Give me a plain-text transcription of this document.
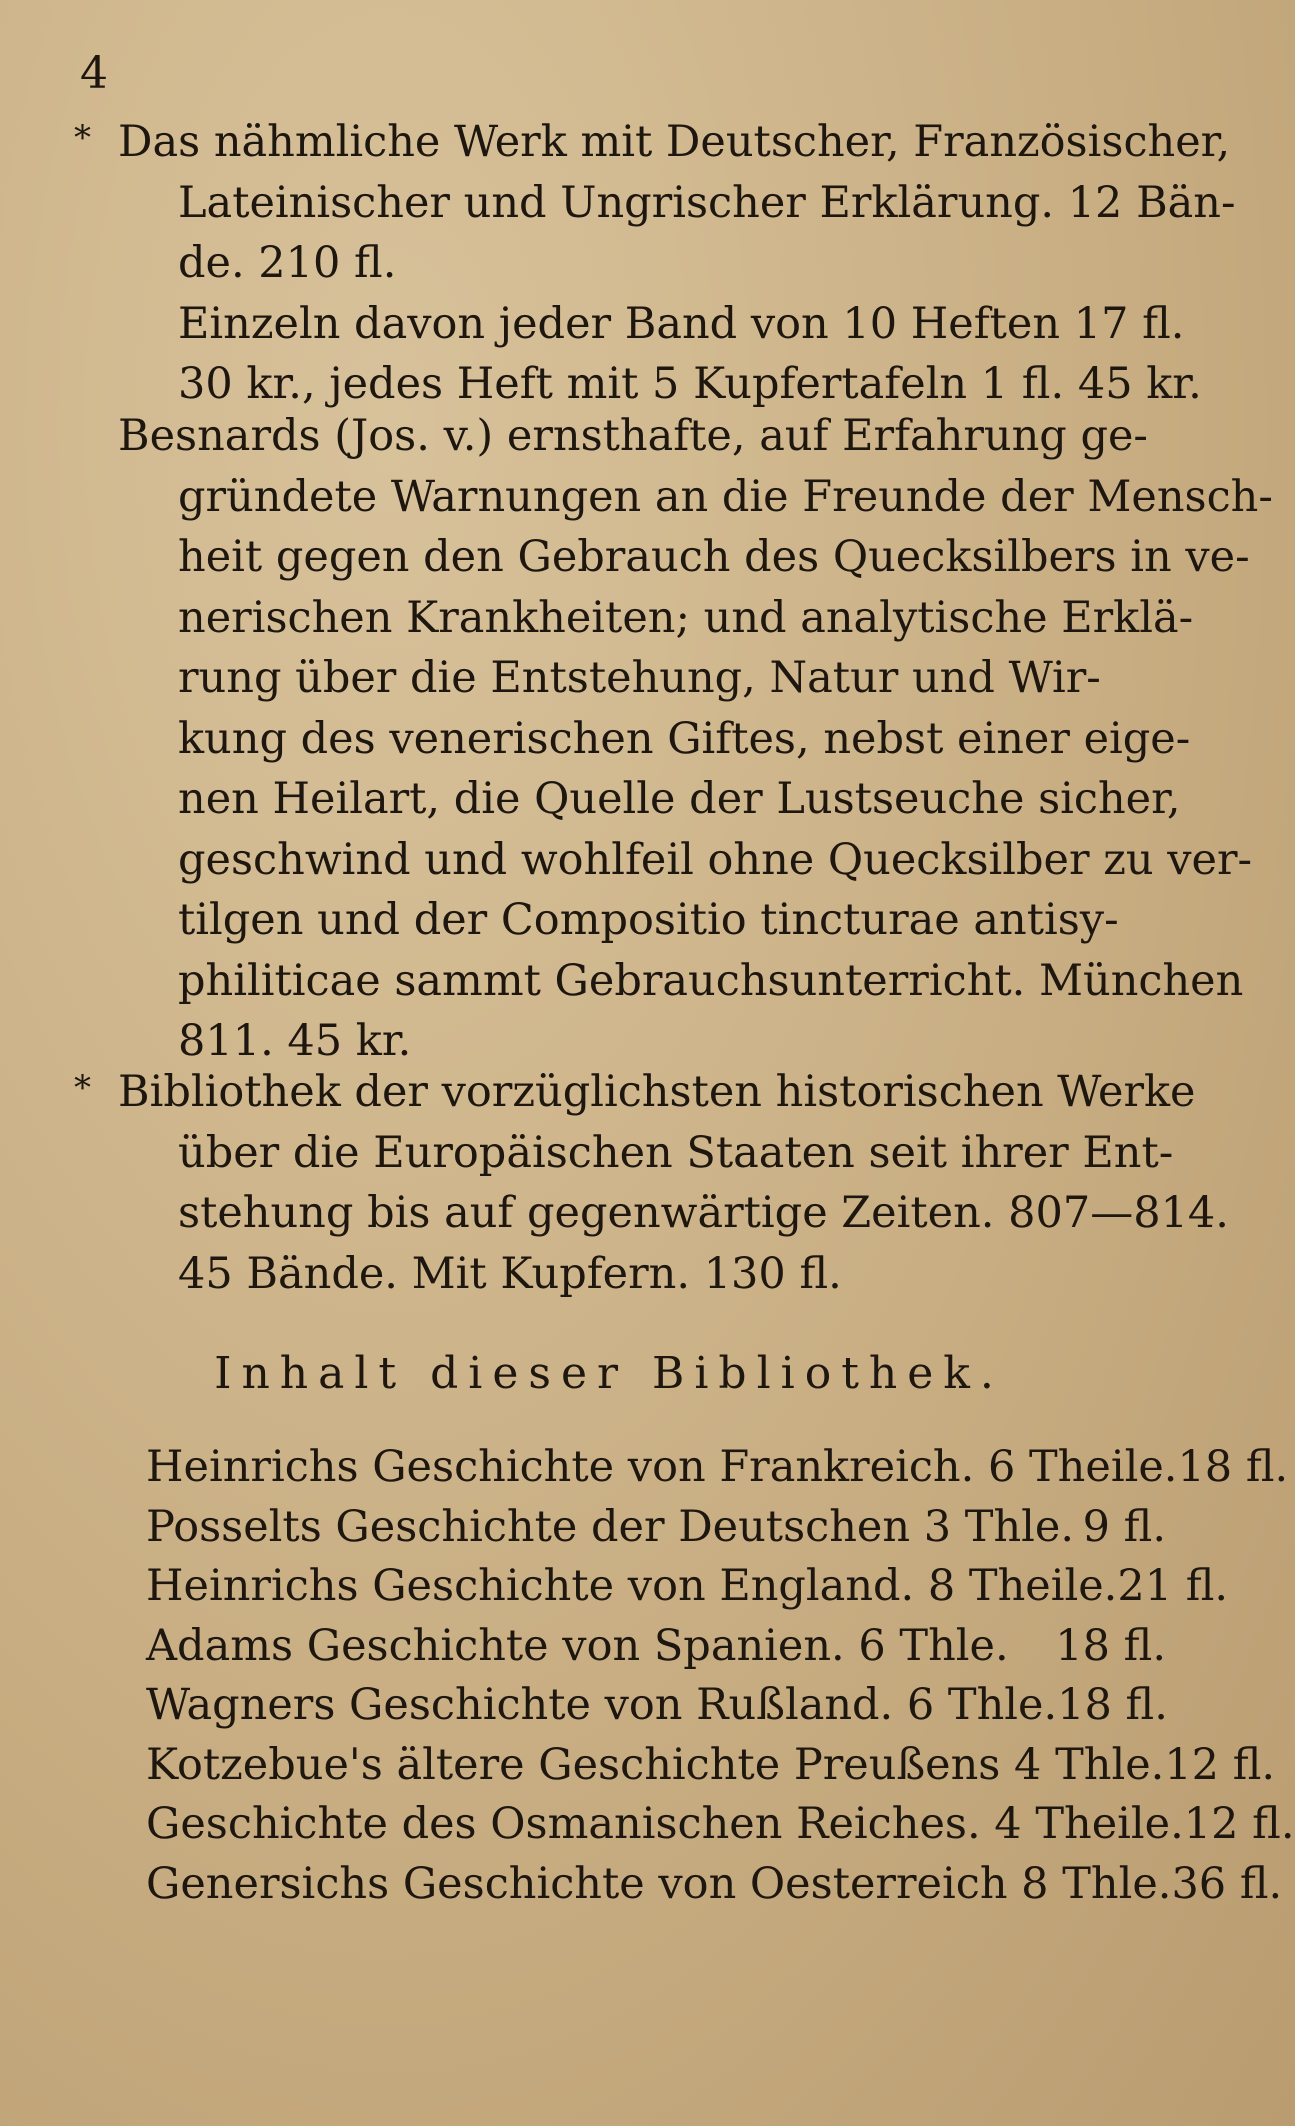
4
* Das nähmliche Werk mit Deutscher, Französischer,
Lateinischer und Ungrischer Erklärung. 12 Bän-
de. 210 fl.
Einzeln davon jeder Band von 10 Heften 17 fl.
30 kr., jedes Heft mit 5 Kupfertafeln 1 fl. 45 kr.
Besnards (Jos. v.) ernsthafte, auf Erfahrung ge-
gründete Warnungen an die Freunde der Mensch-
heit gegen den Gebrauch des Quecksilbers in ve-
nerischen Krankheiten; und analytische Erklä-
rung über die Entstehung, Natur und Wir-
kung des venerischen Giftes, nebst einer eige-
nen Heilart, die Quelle der Lustseuche sicher,
geschwind und wohlfeil ohne Quecksilber zu ver-
tilgen und der Compositio tincturae antisy-
philiticae sammt Gebrauchsunterricht. München
811. 45 kr.
* Bibliothek der vorzüglichsten historischen Werke
über die Europäischen Staaten seit ihrer Ent-
stehung bis auf gegenwärtige Zeiten. 807—814.
45 Bände. Mit Kupfern. 130 fl.
Inhalt dieser Bibliothek.
Heinrichs Geschichte von Frankreich. 6 Theile. 18 fl.
Posselts Geschichte der Deutschen 3 Thle. 9 fl.
Heinrichs Geschichte von England. 8 Theile. 21 fl.
Adams Geschichte von Spanien. 6 Thle. 18 fl.
Wagners Geschichte von Rußland. 6 Thle. 18 fl.
Kotzebue's ältere Geschichte Preußens 4 Thle. 12 fl.
Geschichte des Osmanischen Reiches. 4 Theile. 12 fl.
Genersichs Geschichte von Oesterreich 8 Thle. 36 fl.
